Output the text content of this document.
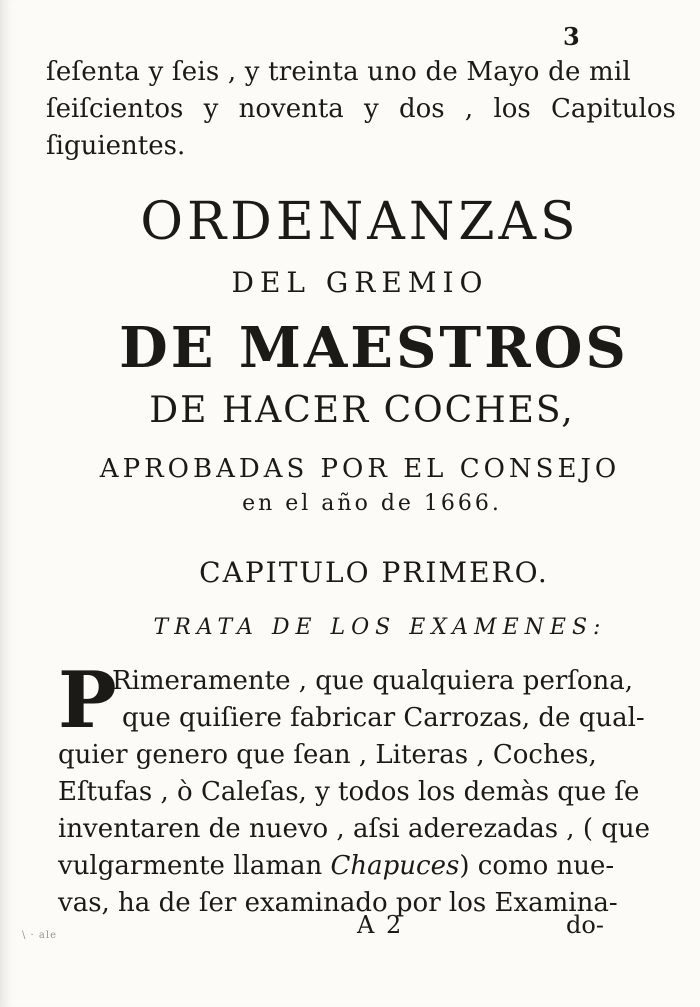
3
ſeſenta y ſeis , y treinta uno de Mayo de mil
ſeiſcientos y noventa y dos , los Capitulos
ſiguientes.
ORDENANZAS
DEL GREMIO
DE MAESTROS
DE HACER COCHES,
APROBADAS POR EL CONSEJO
en el año de 1666.
CAPITULO PRIMERO.
TRATA DE LOS EXAMENES:
P
Rimeramente , que qualquiera perſona,
que quiſiere fabricar Carrozas, de qual-
quier genero que ſean , Literas , Coches,
Eſtufas , ò Caleſas, y todos los demàs que ſe
inventaren de nuevo , aſsi aderezadas , ( que
vulgarmente llaman Chapuces) como nue-
vas, ha de ſer examinado por los Examina-
\ · ale	A 2	do-
